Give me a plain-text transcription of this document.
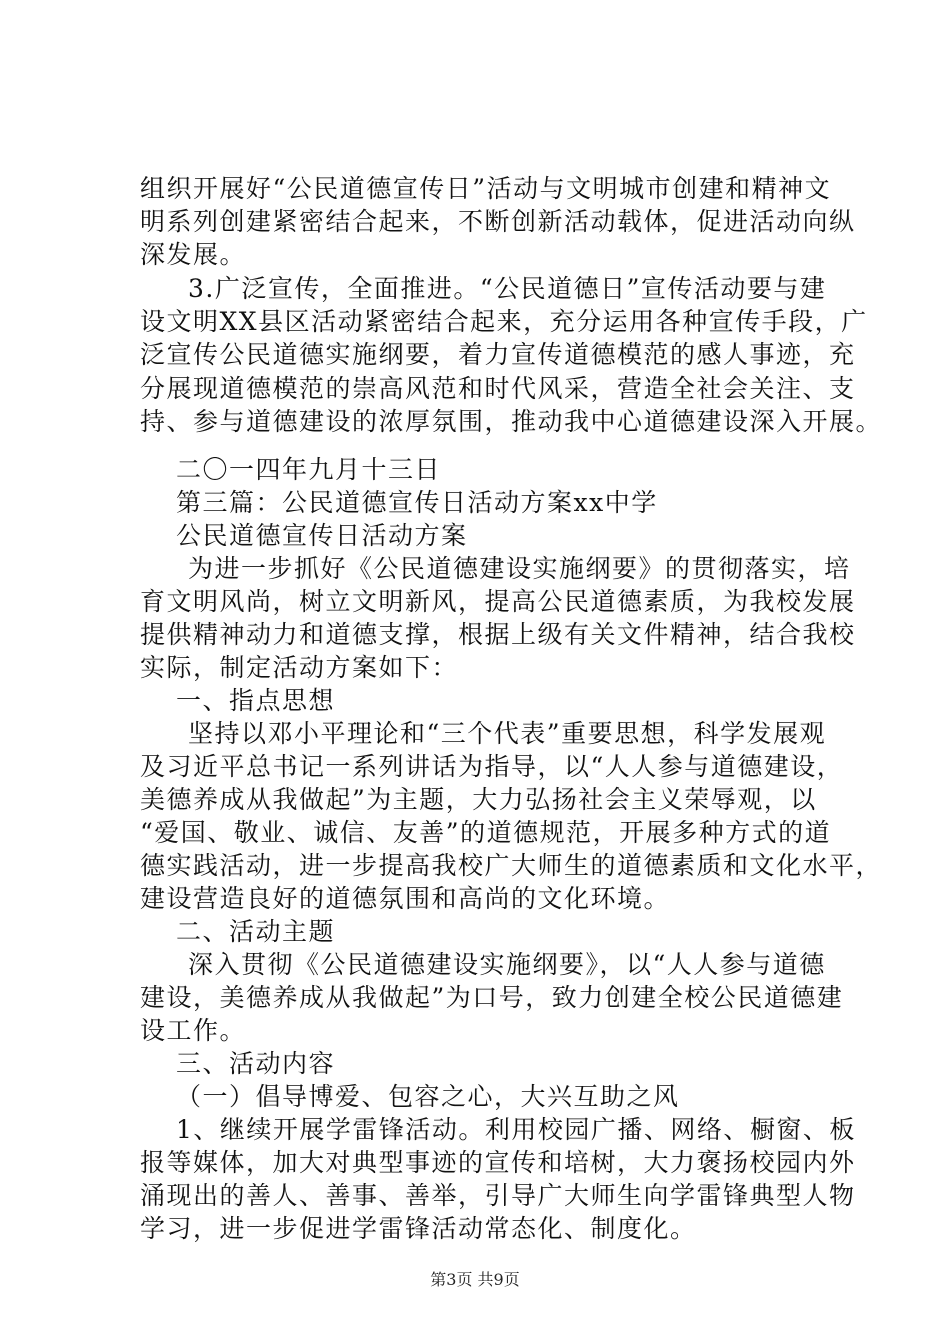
组织开展好“公民道德宣传日”活动与文明城市创建和精神文
明系列创建紧密结合起来，不断创新活动载体，促进活动向纵
深发展。
3.广泛宣传，全面推进。“公民道德日”宣传活动要与建
设文明XX县区活动紧密结合起来，充分运用各种宣传手段，广
泛宣传公民道德实施纲要，着力宣传道德模范的感人事迹，充
分展现道德模范的崇高风范和时代风采，营造全社会关注、支
持、参与道德建设的浓厚氛围，推动我中心道德建设深入开展。
二〇一四年九月十三日
第三篇：公民道德宣传日活动方案xx中学
公民道德宣传日活动方案
为进一步抓好《公民道德建设实施纲要》的贯彻落实，培
育文明风尚，树立文明新风，提高公民道德素质，为我校发展
提供精神动力和道德支撑，根据上级有关文件精神，结合我校
实际，制定活动方案如下：
一、指点思想
坚持以邓小平理论和“三个代表”重要思想，科学发展观
及习近平总书记一系列讲话为指导，以“人人参与道德建设，
美德养成从我做起”为主题，大力弘扬社会主义荣辱观，以
“爱国、敬业、诚信、友善”的道德规范，开展多种方式的道
德实践活动，进一步提高我校广大师生的道德素质和文化水平，
建设营造良好的道德氛围和高尚的文化环境。
二、活动主题
深入贯彻《公民道德建设实施纲要》，以“人人参与道德
建设，美德养成从我做起”为口号，致力创建全校公民道德建
设工作。
三、活动内容
（一）倡导博爱、包容之心，大兴互助之风
1、继续开展学雷锋活动。利用校园广播、网络、橱窗、板
报等媒体，加大对典型事迹的宣传和培树，大力褒扬校园内外
涌现出的善人、善事、善举，引导广大师生向学雷锋典型人物
学习，进一步促进学雷锋活动常态化、制度化。
第3页 共9页
